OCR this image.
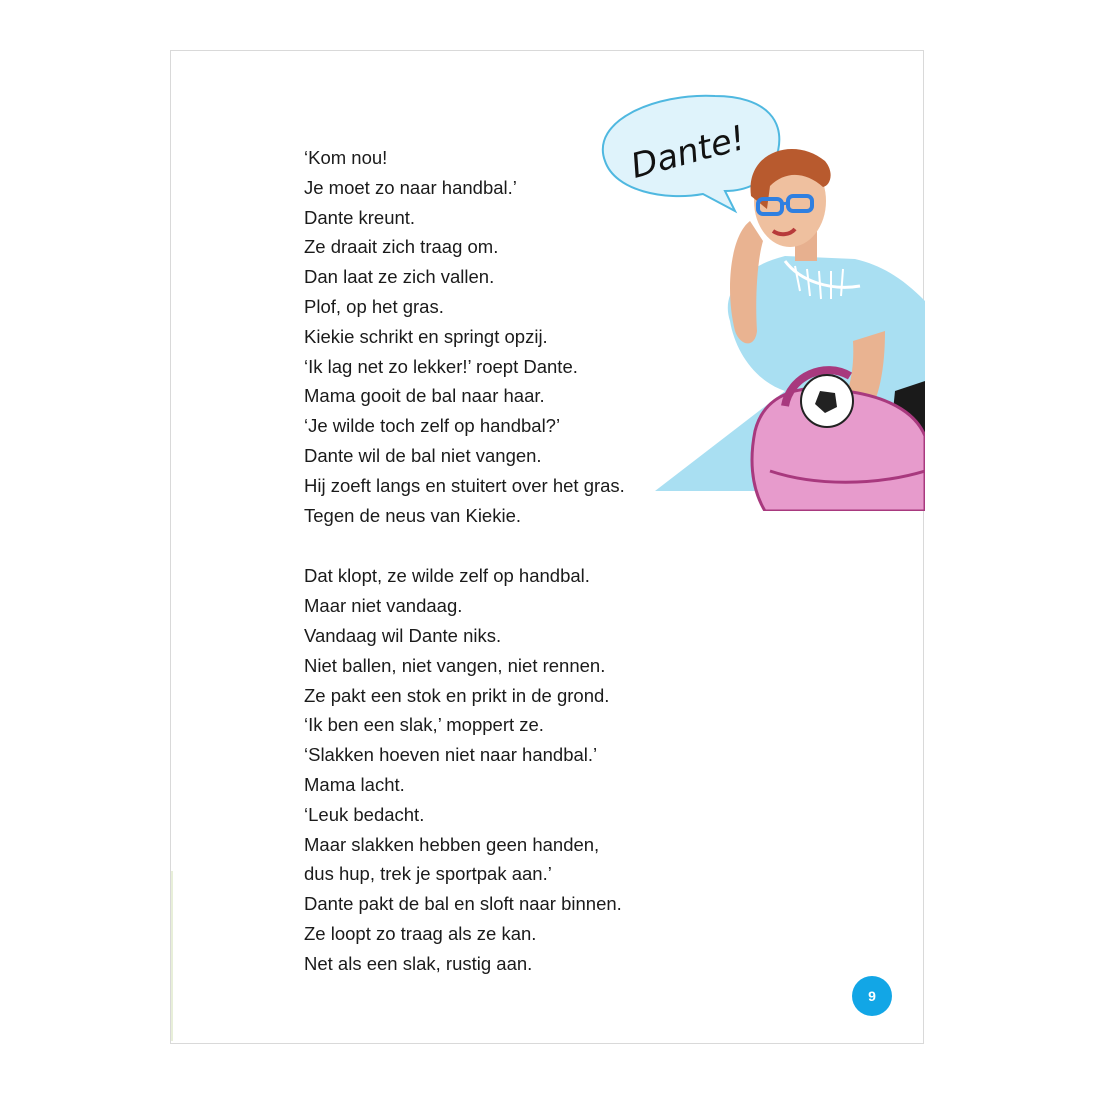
‘Kom nou!
Je moet zo naar handbal.’
Dante kreunt.
Ze draait zich traag om.
Dan laat ze zich vallen.
Plof, op het gras.
Kiekie schrikt en springt opzij.
‘Ik lag net zo lekker!’ roept Dante.
Mama gooit de bal naar haar.
‘Je wilde toch zelf op handbal?’
Dante wil de bal niet vangen.
Hij zoeft langs en stuitert over het gras.
Tegen de neus van Kiekie.
Dat klopt, ze wilde zelf op handbal.
Maar niet vandaag.
Vandaag wil Dante niks.
Niet ballen, niet vangen, niet rennen.
Ze pakt een stok en prikt in de grond.
‘Ik ben een slak,’ moppert ze.
‘Slakken hoeven niet naar handbal.’
Mama lacht.
‘Leuk bedacht.
Maar slakken hebben geen handen,
dus hup, trek je sportpak aan.’
Dante pakt de bal en sloft naar binnen.
Ze loopt zo traag als ze kan.
Net als een slak, rustig aan.
Dante!
9
